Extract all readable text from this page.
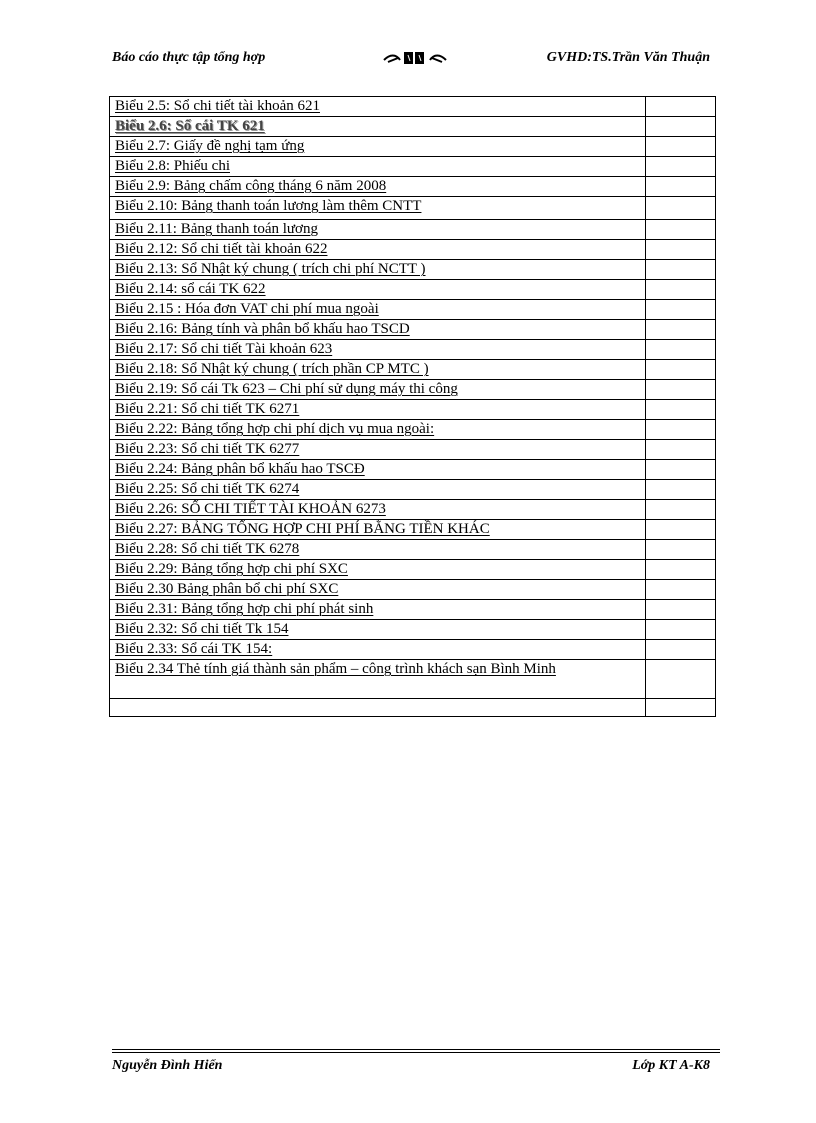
Báo cáo thực tập tổng hợp	GVHD:TS.Trần Văn Thuận
Biểu 2.5: Sổ chi tiết tài khoản 621	
Biểu 2.6: Sổ cái TK 621	
Biểu 2.7: Giấy đề nghị tạm ứng	
Biểu 2.8: Phiếu chi	
Biểu 2.9: Bảng chấm công tháng 6 năm 2008	
Biểu 2.10: Bảng thanh toán lương làm thêm CNTT	
Biểu 2.11: Bảng thanh toán lương	
Biểu 2.12: Sổ chi tiết tài khoản 622	
Biểu 2.13: Sổ Nhật ký chung ( trích chi phí NCTT )	
Biểu 2.14: sổ cái TK 622	
Biểu 2.15 : Hóa đơn VAT chi phí mua ngoài	
Biểu 2.16: Bảng tính và phân bổ khấu hao TSCD	
Biểu 2.17: Sổ chi tiết Tài khoản 623	
Biểu 2.18: Sổ Nhật ký chung ( trích phần CP MTC )	
Biểu 2.19: Sổ cái Tk 623 – Chi phí sử dụng máy thi công	
Biểu 2.21: Sổ chi tiết TK 6271	
Biểu 2.22: Bảng tổng hợp chi phí dịch vụ mua ngoài:	
Biểu 2.23: Sổ chi tiết TK 6277	
Biểu 2.24: Bảng phân bổ khấu hao TSCĐ	
Biểu 2.25: Sổ chi tiết TK 6274	
Biểu 2.26: SỔ CHI TIẾT TÀI KHOẢN 6273	
Biểu 2.27: BẢNG TỔNG HỢP CHI PHÍ BẰNG TIỀN KHÁC	
Biểu 2.28: Sổ chi tiết TK 6278	
Biểu 2.29: Bảng tổng hợp chi phí SXC	
Biểu 2.30 Bảng phân bổ chi phí SXC	
Biểu 2.31: Bảng tổng hợp chi phí phát sinh	
Biểu 2.32: Sổ chi tiết Tk 154	
Biểu 2.33: Sổ cái TK 154:	
Biểu 2.34 Thẻ tính giá thành sản phẩm – công trình khách sạn Bình Minh	

Nguyễn Đình Hiển	Lớp KT A-K8
